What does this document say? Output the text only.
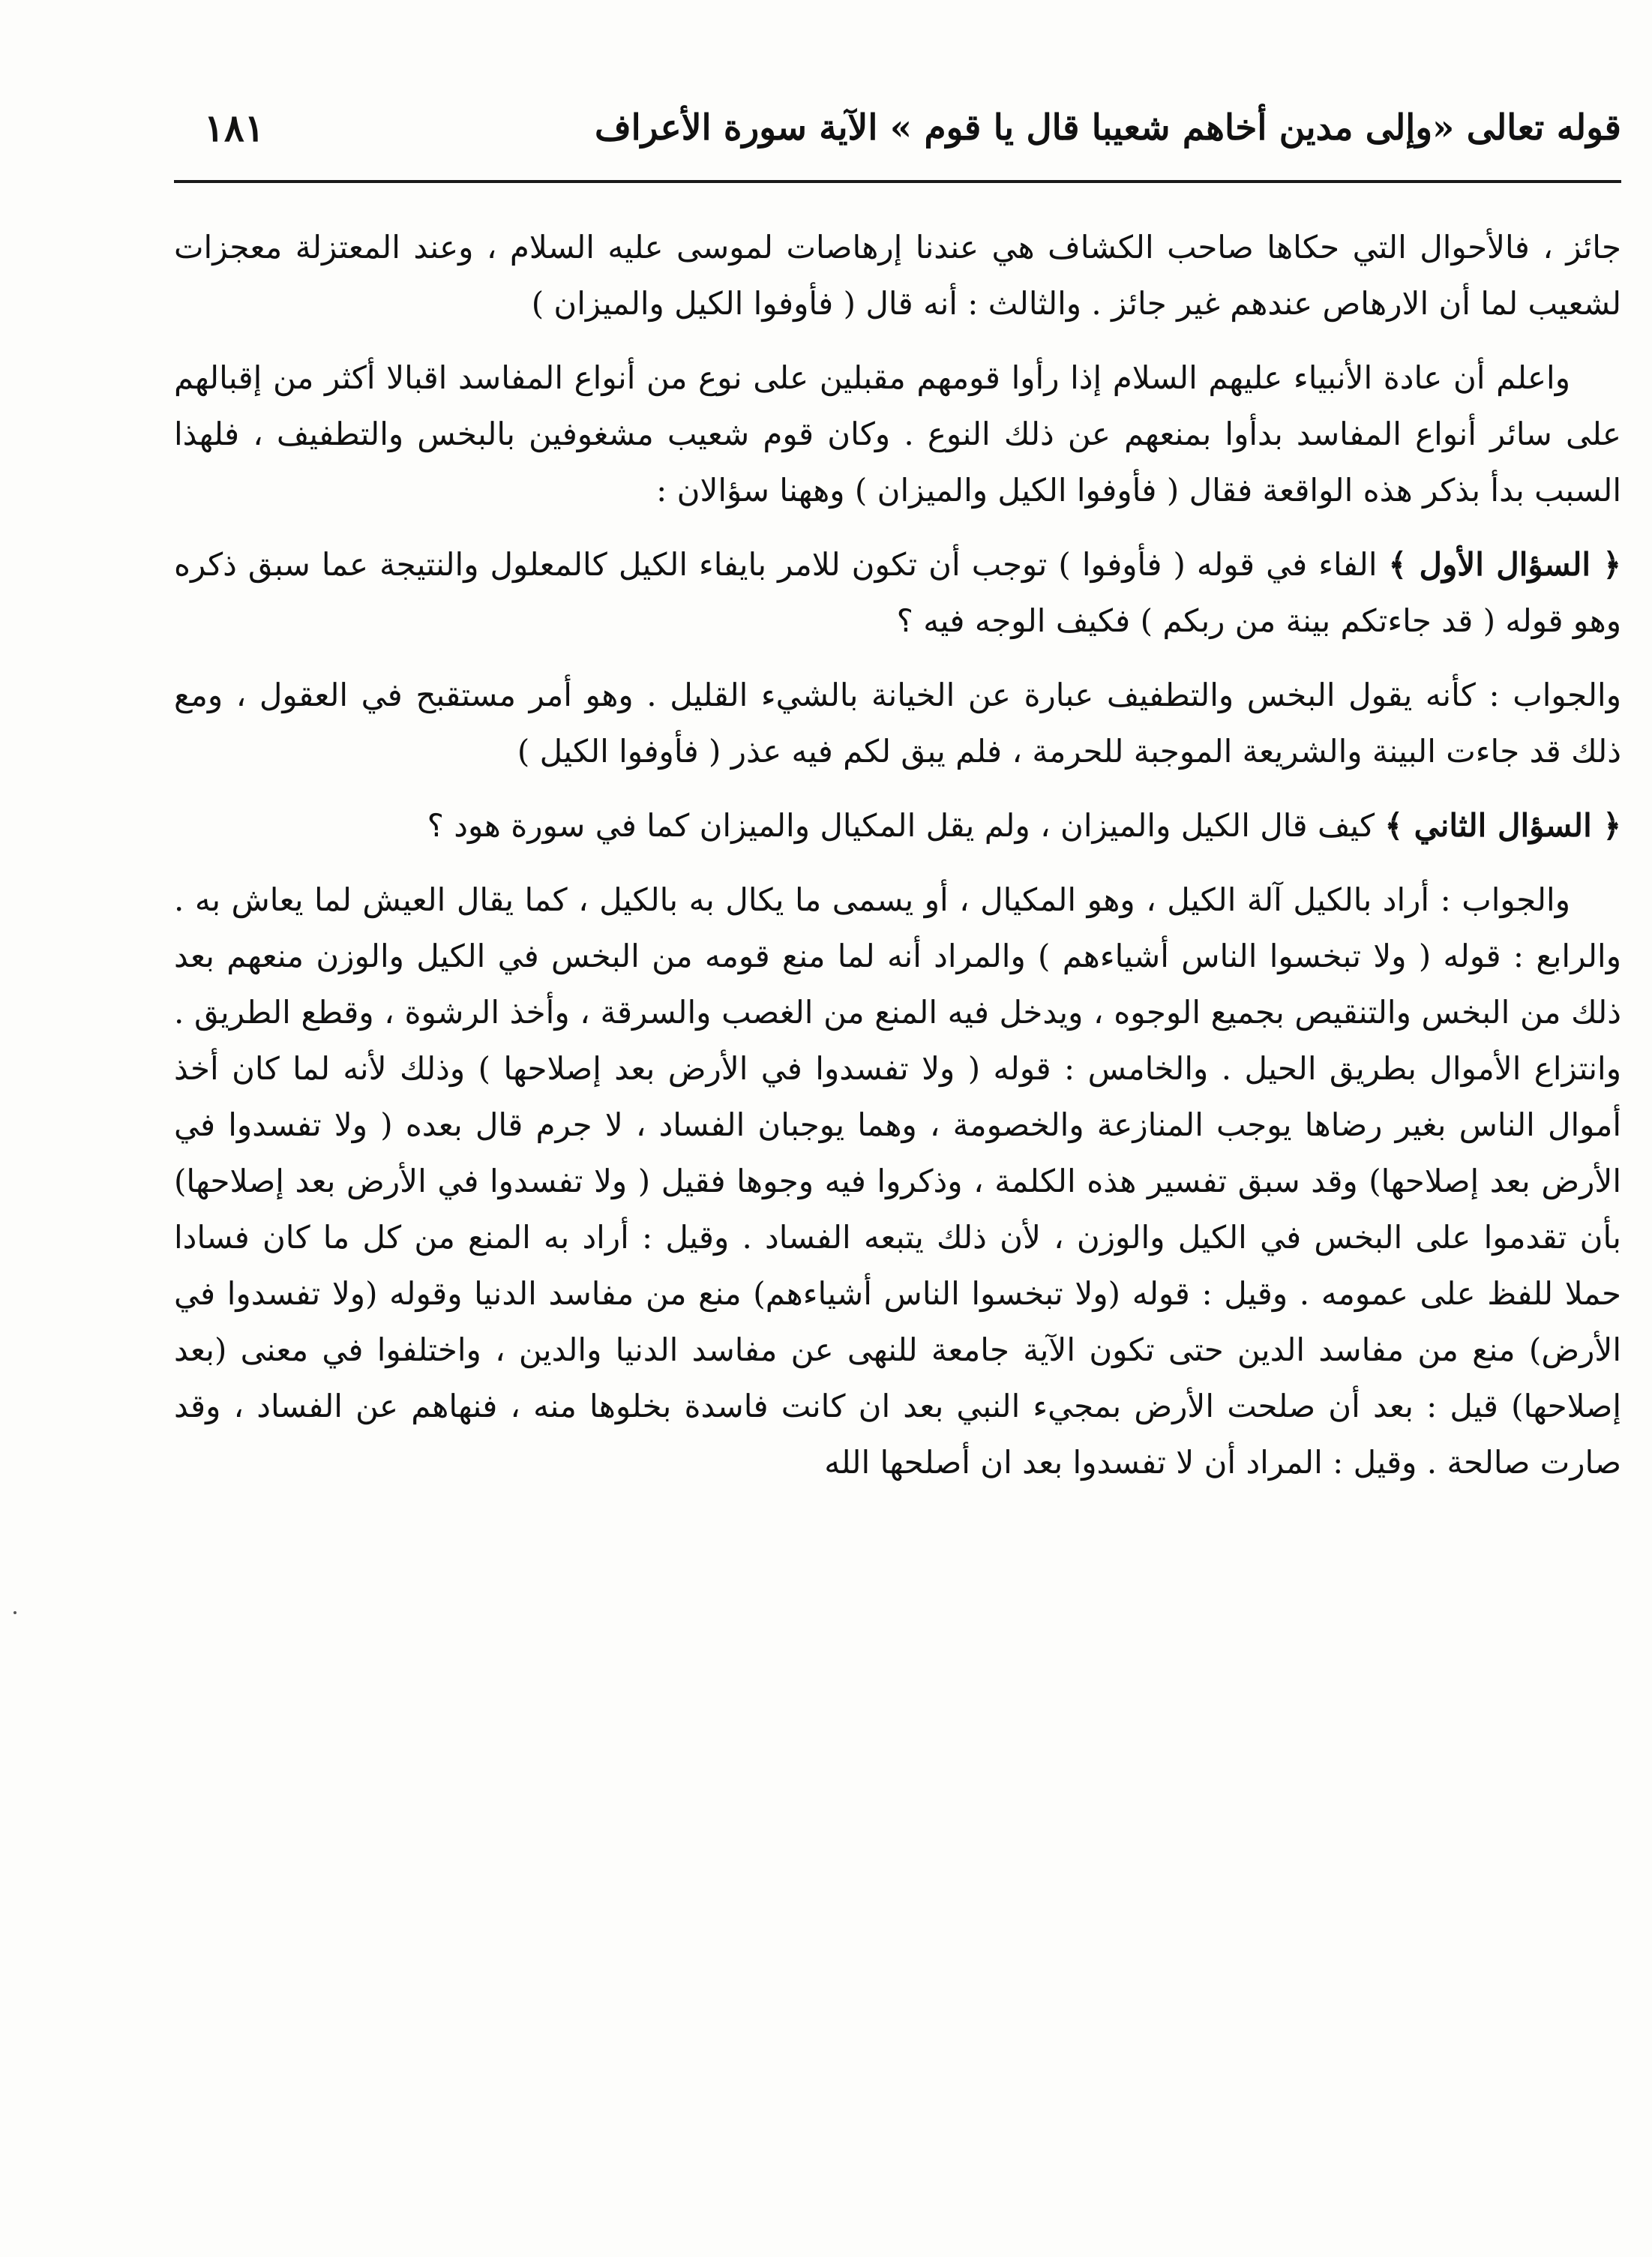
قوله تعالى «وإلى مدين أخاهم شعيبا قال يا قوم » الآية سورة الأعراف
١٨١

جائز ، فالأحوال التي حكاها صاحب الكشاف هي عندنا إرهاصات لموسى عليه السلام ، وعند المعتزلة معجزات لشعيب لما أن الارهاص عندهم غير جائز . والثالث : أنه قال ( فأوفوا الكيل والميزان )

واعلم أن عادة الأنبياء عليهم السلام إذا رأوا قومهم مقبلين على نوع من أنواع المفاسد اقبالا أكثر من إقبالهم على سائر أنواع المفاسد بدأوا بمنعهم عن ذلك النوع . وكان قوم شعيب مشغوفين بالبخس والتطفيف ، فلهذا السبب بدأ بذكر هذه الواقعة فقال ( فأوفوا الكيل والميزان ) وههنا سؤالان :

﴿ السؤال الأول ﴾ الفاء في قوله ( فأوفوا ) توجب أن تكون للامر بايفاء الكيل كالمعلول والنتيجة عما سبق ذكره وهو قوله ( قد جاءتكم بينة من ربكم ) فكيف الوجه فيه ؟

والجواب : كأنه يقول البخس والتطفيف عبارة عن الخيانة بالشيء القليل . وهو أمر مستقبح في العقول ، ومع ذلك قد جاءت البينة والشريعة الموجبة للحرمة ، فلم يبق لكم فيه عذر ( فأوفوا الكيل )

﴿ السؤال الثاني ﴾ كيف قال الكيل والميزان ، ولم يقل المكيال والميزان كما في سورة هود ؟

والجواب : أراد بالكيل آلة الكيل ، وهو المكيال ، أو يسمى ما يكال به بالكيل ، كما يقال العيش لما يعاش به . والرابع : قوله ( ولا تبخسوا الناس أشياءهم ) والمراد أنه لما منع قومه من البخس في الكيل والوزن منعهم بعد ذلك من البخس والتنقيص بجميع الوجوه ، ويدخل فيه المنع من الغصب والسرقة ، وأخذ الرشوة ، وقطع الطريق . وانتزاع الأموال بطريق الحيل . والخامس : قوله ( ولا تفسدوا في الأرض بعد إصلاحها ) وذلك لأنه لما كان أخذ أموال الناس بغير رضاها يوجب المنازعة والخصومة ، وهما يوجبان الفساد ، لا جرم قال بعده ( ولا تفسدوا في الأرض بعد إصلاحها) وقد سبق تفسير هذه الكلمة ، وذكروا فيه وجوها فقيل ( ولا تفسدوا في الأرض بعد إصلاحها) بأن تقدموا على البخس في الكيل والوزن ، لأن ذلك يتبعه الفساد . وقيل : أراد به المنع من كل ما كان فسادا حملا للفظ على عمومه . وقيل : قوله (ولا تبخسوا الناس أشياءهم) منع من مفاسد الدنيا وقوله (ولا تفسدوا في الأرض) منع من مفاسد الدين حتى تكون الآية جامعة للنهى عن مفاسد الدنيا والدين ، واختلفوا في معنى (بعد إصلاحها) قيل : بعد أن صلحت الأرض بمجيء النبي بعد ان كانت فاسدة بخلوها منه ، فنهاهم عن الفساد ، وقد صارت صالحة . وقيل : المراد أن لا تفسدوا بعد ان أصلحها الله
